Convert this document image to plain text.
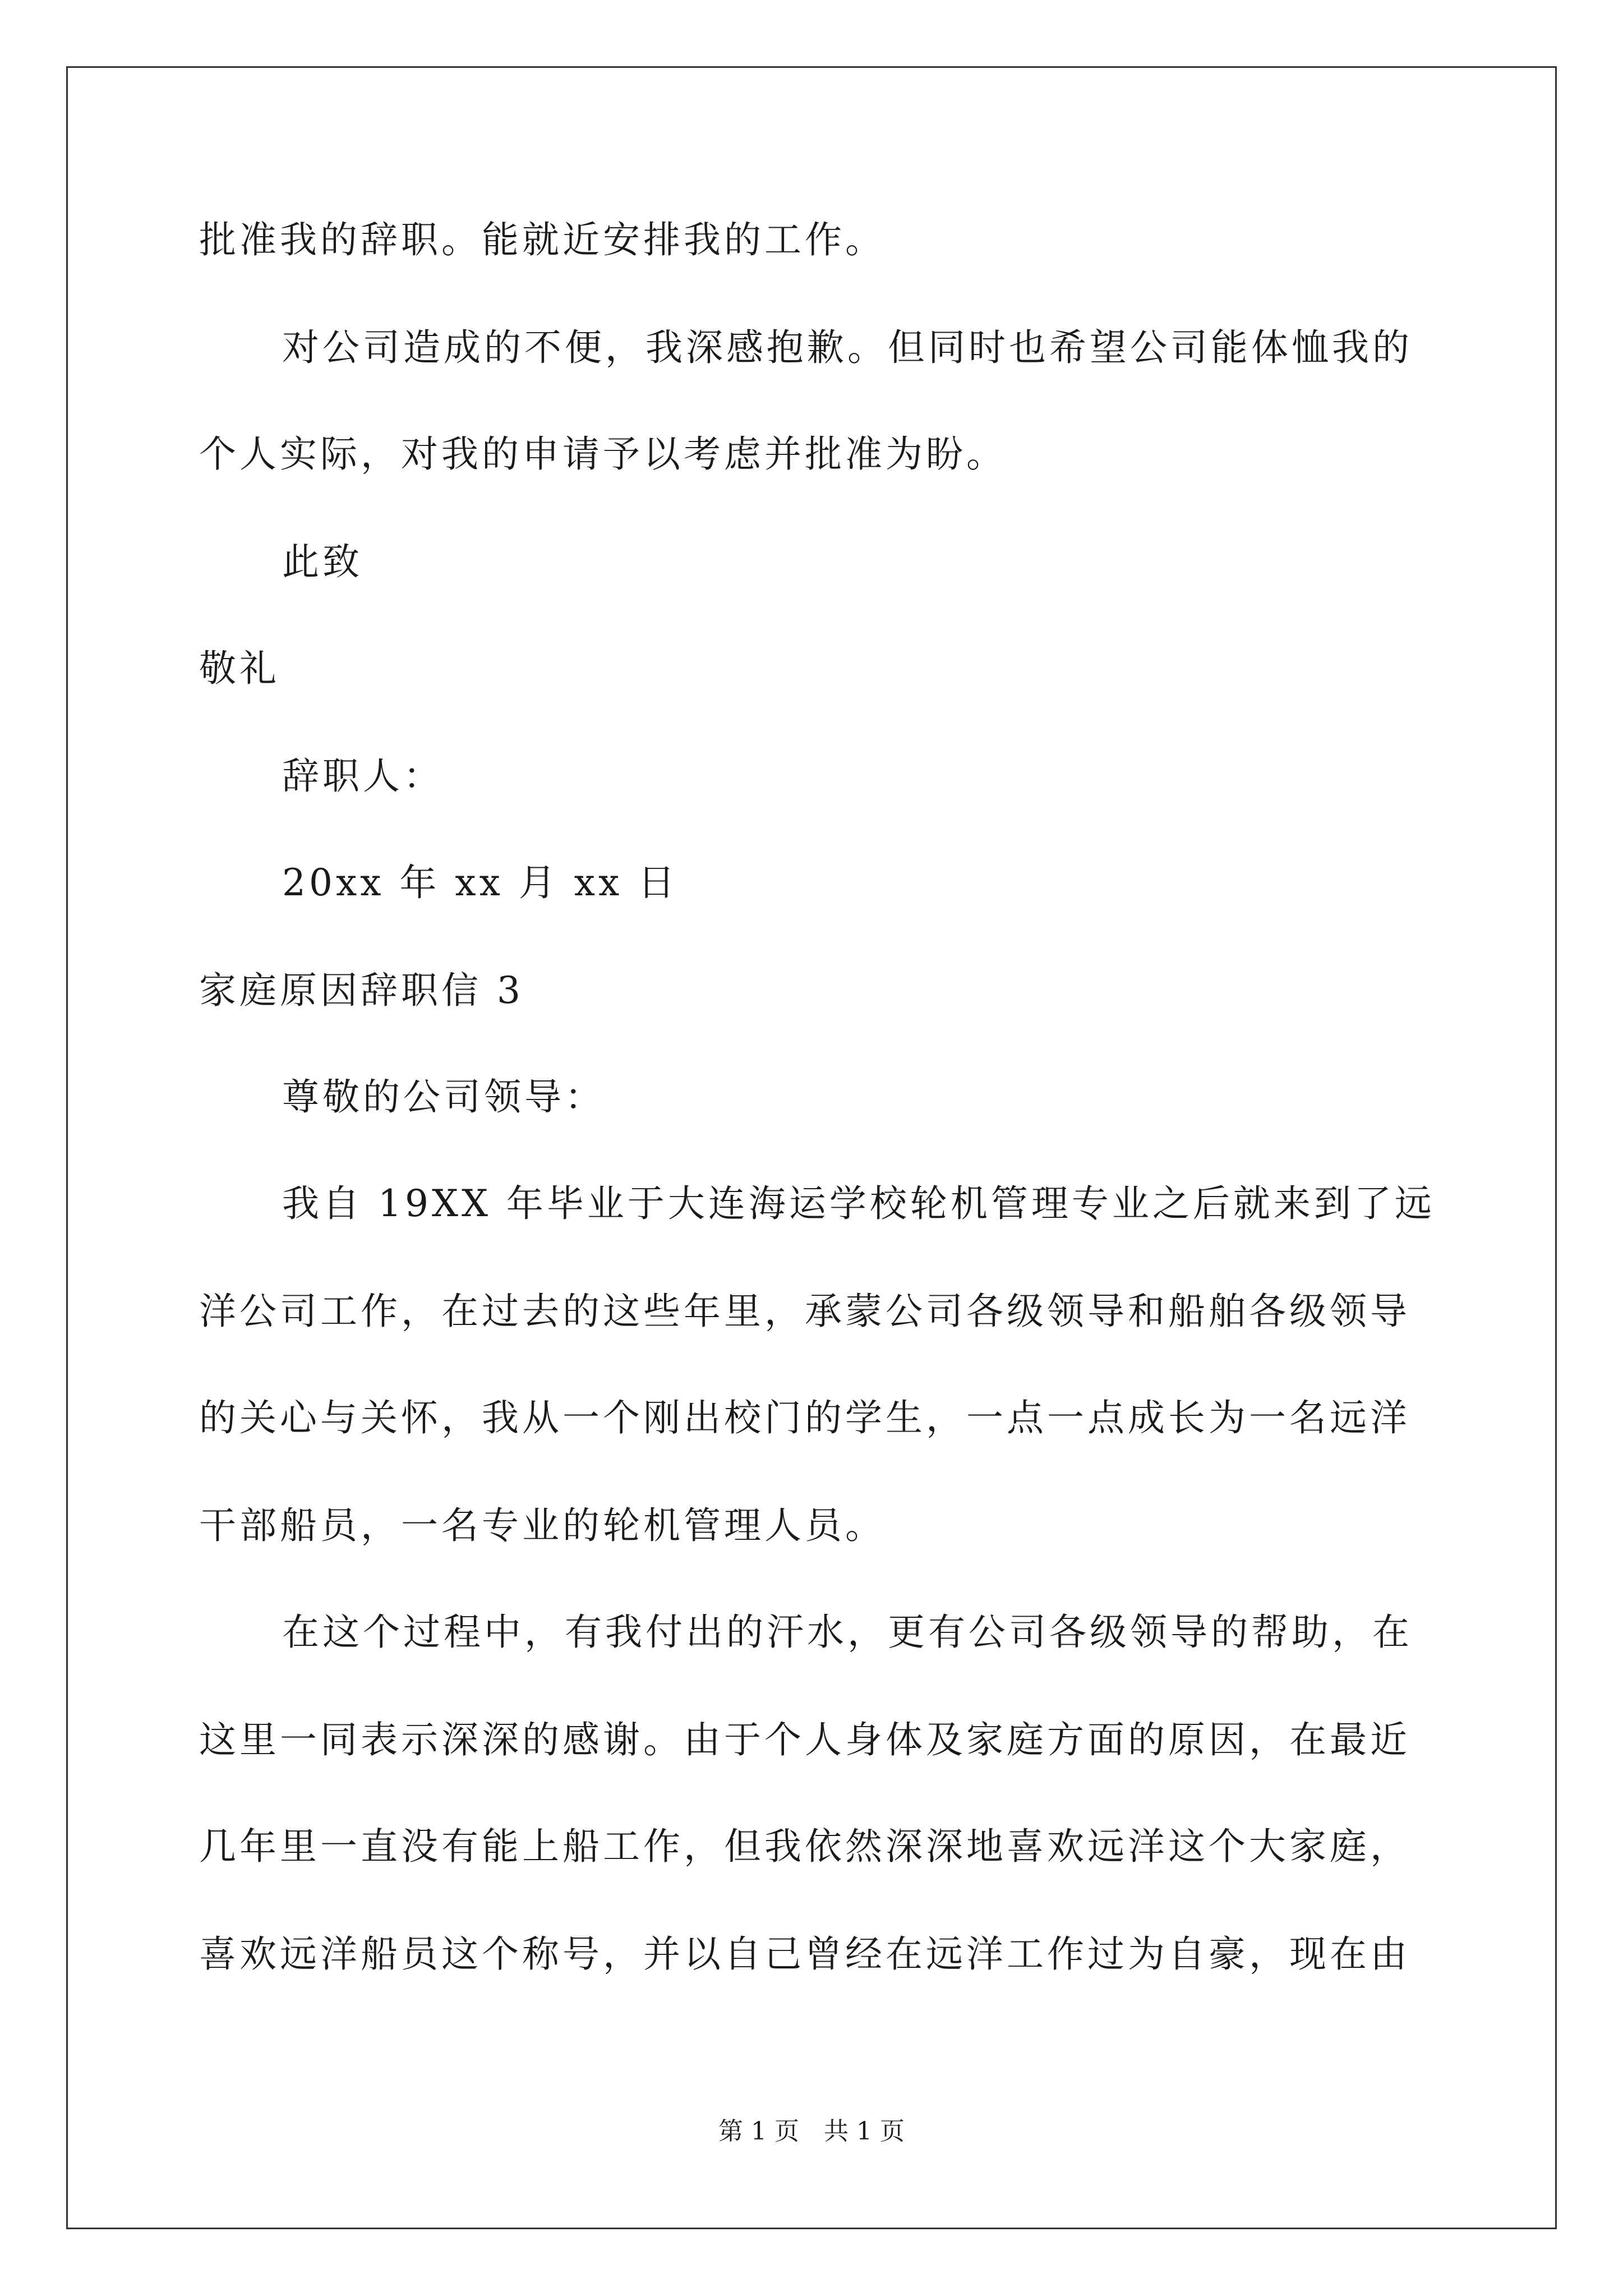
批准我的辞职。能就近安排我的工作。
对公司造成的不便，我深感抱歉。但同时也希望公司能体恤我的
个人实际，对我的申请予以考虑并批准为盼。
此致
敬礼
辞职人：
20xx 年 xx 月 xx 日
家庭原因辞职信 3
尊敬的公司领导：
我自 19XX 年毕业于大连海运学校轮机管理专业之后就来到了远
洋公司工作，在过去的这些年里，承蒙公司各级领导和船舶各级领导
的关心与关怀，我从一个刚出校门的学生，一点一点成长为一名远洋
干部船员，一名专业的轮机管理人员。
在这个过程中，有我付出的汗水，更有公司各级领导的帮助，在
这里一同表示深深的感谢。由于个人身体及家庭方面的原因，在最近
几年里一直没有能上船工作，但我依然深深地喜欢远洋这个大家庭，
喜欢远洋船员这个称号，并以自己曾经在远洋工作过为自豪，现在由
第 1 页　共 1 页
